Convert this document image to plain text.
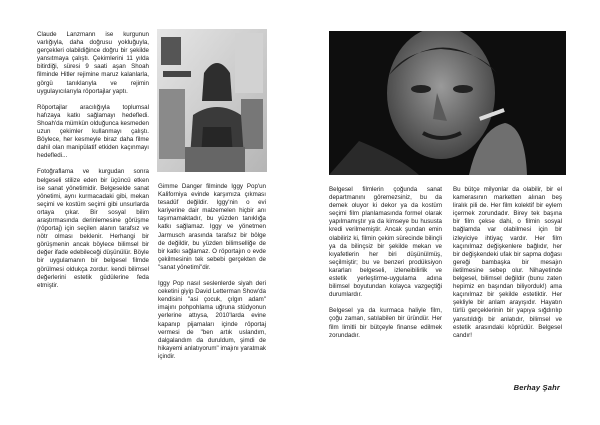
Claude Lanzmann ise kurgunun varlığıyla, daha doğrusu yokluğuyla, gerçekleri olabildiğince doğru bir şekilde yansıtmaya çalıştı. Çekimlerini 11 yılda bitirdiği, süresi 9 saati aşan Shoah filminde Hitler rejimine maruz kalanlarla, görgü tanıklarıyla ve rejimin uygulayıcılarıyla röportajlar yaptı.

Röportajlar aracılığıyla toplumsal hafızaya katkı sağlamayı hedefledi. Shoah'da mümkün olduğunca kesmeden uzun çekimler kullanmayı çalıştı. Böylece, her kesmeyle biraz daha filme dahil olan manipülatif etkiden kaçınmayı hedefledi...

Fotoğraflama ve kurgudan sonra belgeseli stilize eden bir üçüncü etken ise sanat yönetimidir. Belgeselde sanat yönetimi, aynı kurmacadaki gibi, mekan seçimi ve kostüm seçimi gibi unsurlarda ortaya çıkar. Bir sosyal bilim araştırmasında derinlemesine görüşme (röportaj) için seçilen alanın tarafsız ve nötr olması beklenir. Herhangi bir görüşmenin ancak böylece bilimsel bir değer ifade edebileceği düşünülür. Böyle bir uygulamanın bir belgesel filmde görülmesi oldukça zordur. kendi bilimsel değerlerini estetik güdülerine feda etmiştir.

Gimme Danger filminde Iggy Pop'un Kaliforniya evinde karşımıza çıkması tesadüf değildir. Iggy'nin o evi kariyerine dair malzemelen hiçbir anı taşımamaktadır, bu yüzden tanıklığa katkı sağlamaz. Iggy ve yönetmen Jarmusch arasında tarafsız bir bölge de değildir, bu yüzden bilimselliğe de bir katkı sağlamaz. O röportajın o evde çekilmesinin tek sebebi gerçekten de "sanat yönetimi"dir.

Iggy Pop nasıl seslenlerde siyah deri ceketini giyip David Letterman Show'da kendisini "asi çocuk, çılgın adam" imajını pohpohlama uğruna stüdyonun yerlerine attıysa, 2010'larda evine kapanıp pijamaları içinde röportaj vermesi de "ben artık uslandım, dalgalandım da duruldum, şimdi de hikayemi anlatıyorum" imajını yaratmak içindir.

Belgesel filmlerin çoğunda sanat departmanını göremezsiniz, bu da demek oluyor ki dekor ya da kostüm seçimi film planlamasında formel olarak yapılmamıştır ya da kimseye bu hususta kredi verilmemiştir. Ancak şundan emin olabiliriz ki, filmin çekim sürecinde bilinçli ya da bilinçsiz bir şekilde mekan ve kıyafetlerin her biri düşünülmüş, seçilmiştir; bu ve benzeri prodüksiyon kararları belgeseli, izleneibilirlik ve estetik yerleştirme-uygulama adına bilimsel boyutundan kolayca vazgeçtiği durumlardır.

Belgesel ya da kurmaca haliyle film, çoğu zaman, satılabilen bir üründür. Her film limitli bir bütçeyle finanse edilmek zorundadır.

Bu bütçe milyonlar da olabilir, bir el kamerasının marketten alınan beş liralık pili de. Her film kolektif bir eylem içermek zorundadır. Birey tek başına bir film çekse dahi, o filmin sosyal bağlamda var olabilmesi için bir izleyiciye ihtiyaç vardır. Her film kaçınılmaz değişkenlere bağlıdır, her bir değişkendeki ufak bir sapma doğası gereği bambaşka bir mesajın iletilmesine sebep olur. Nihayetinde belgesel, bilimsel değildir (bunu zaten hepimiz en başından biliyorduk!) ama kaçınılmaz bir şekilde estetiktir. Her şekliyle bir anlam arayışıdır. Hayatın türlü gerçeklerinin bir yapıya sığdırılıp yansıtıldığı bir anlatıdır, bilimsel ve estetik arasındaki köprüdür. Belgesel candır!

Berhay Şahr
